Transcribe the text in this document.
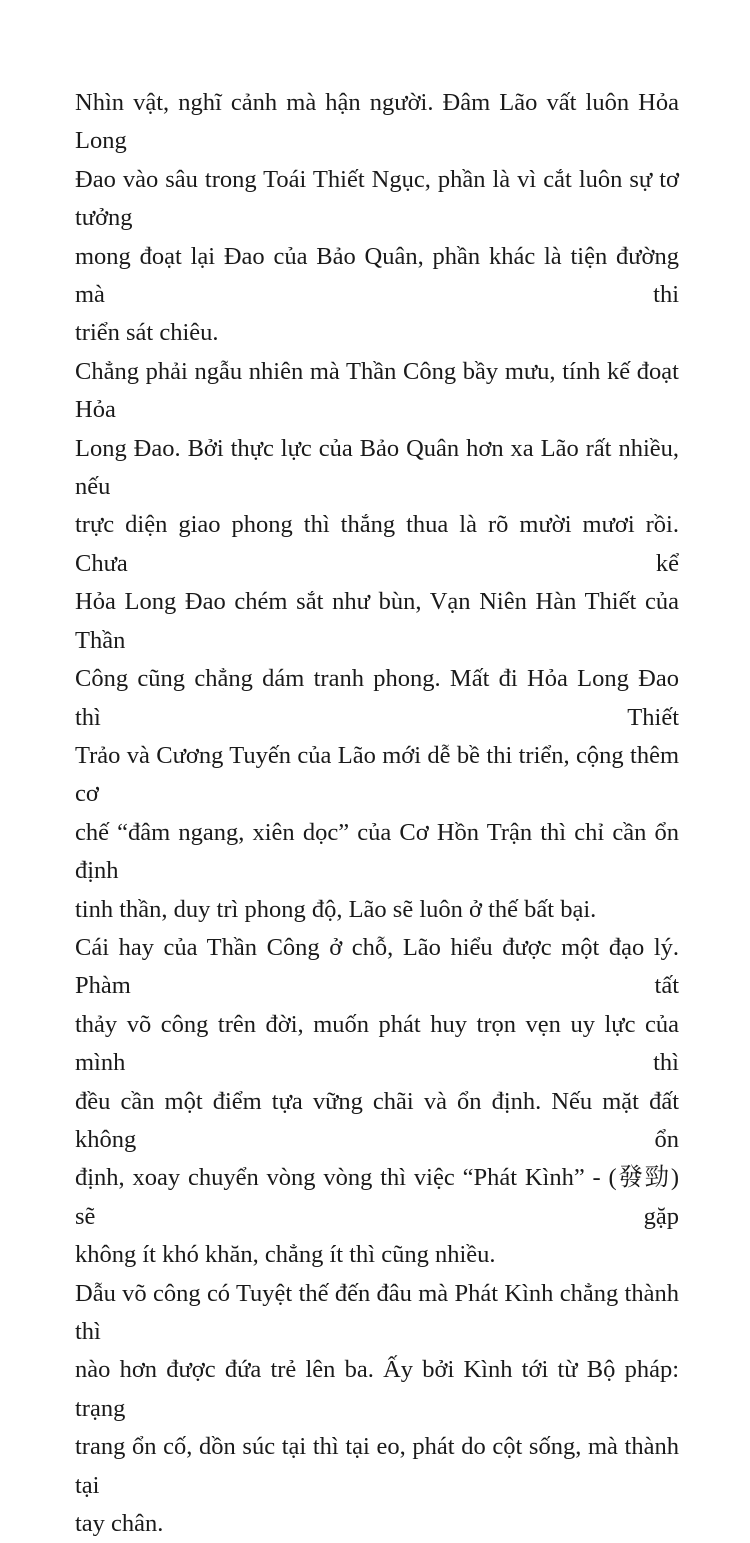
Nhìn vật, nghĩ cảnh mà hận người. Đâm Lão vất luôn Hỏa Long
Đao vào sâu trong Toái Thiết Ngục, phần là vì cắt luôn sự tơ tưởng
mong đoạt lại Đao của Bảo Quân, phần khác là tiện đường mà thi
triển sát chiêu.
Chẳng phải ngẫu nhiên mà Thần Công bầy mưu, tính kế đoạt Hỏa
Long Đao. Bởi thực lực của Bảo Quân hơn xa Lão rất nhiều, nếu
trực diện giao phong thì thắng thua là rõ mười mươi rồi. Chưa kể
Hỏa Long Đao chém sắt như bùn, Vạn Niên Hàn Thiết của Thần
Công cũng chẳng dám tranh phong. Mất đi Hỏa Long Đao thì Thiết
Trảo và Cương Tuyến của Lão mới dễ bề thi triển, cộng thêm cơ
chế “đâm ngang, xiên dọc” của Cơ Hồn Trận thì chỉ cần ổn định
tinh thần, duy trì phong độ, Lão sẽ luôn ở thế bất bại.
Cái hay của Thần Công ở chỗ, Lão hiểu được một đạo lý. Phàm tất
thảy võ công trên đời, muốn phát huy trọn vẹn uy lực của mình thì
đều cần một điểm tựa vững chãi và ổn định. Nếu mặt đất không ổn
định, xoay chuyển vòng vòng thì việc “Phát Kình” - (發勁) sẽ gặp
không ít khó khăn, chẳng ít thì cũng nhiều.
Dẫu võ công có Tuyệt thế đến đâu mà Phát Kình chẳng thành thì
nào hơn được đứa trẻ lên ba. Ấy bởi Kình tới từ Bộ pháp: trạng
trang ổn cố, dồn súc tại thì tại eo, phát do cột sống, mà thành tại
tay chân.
